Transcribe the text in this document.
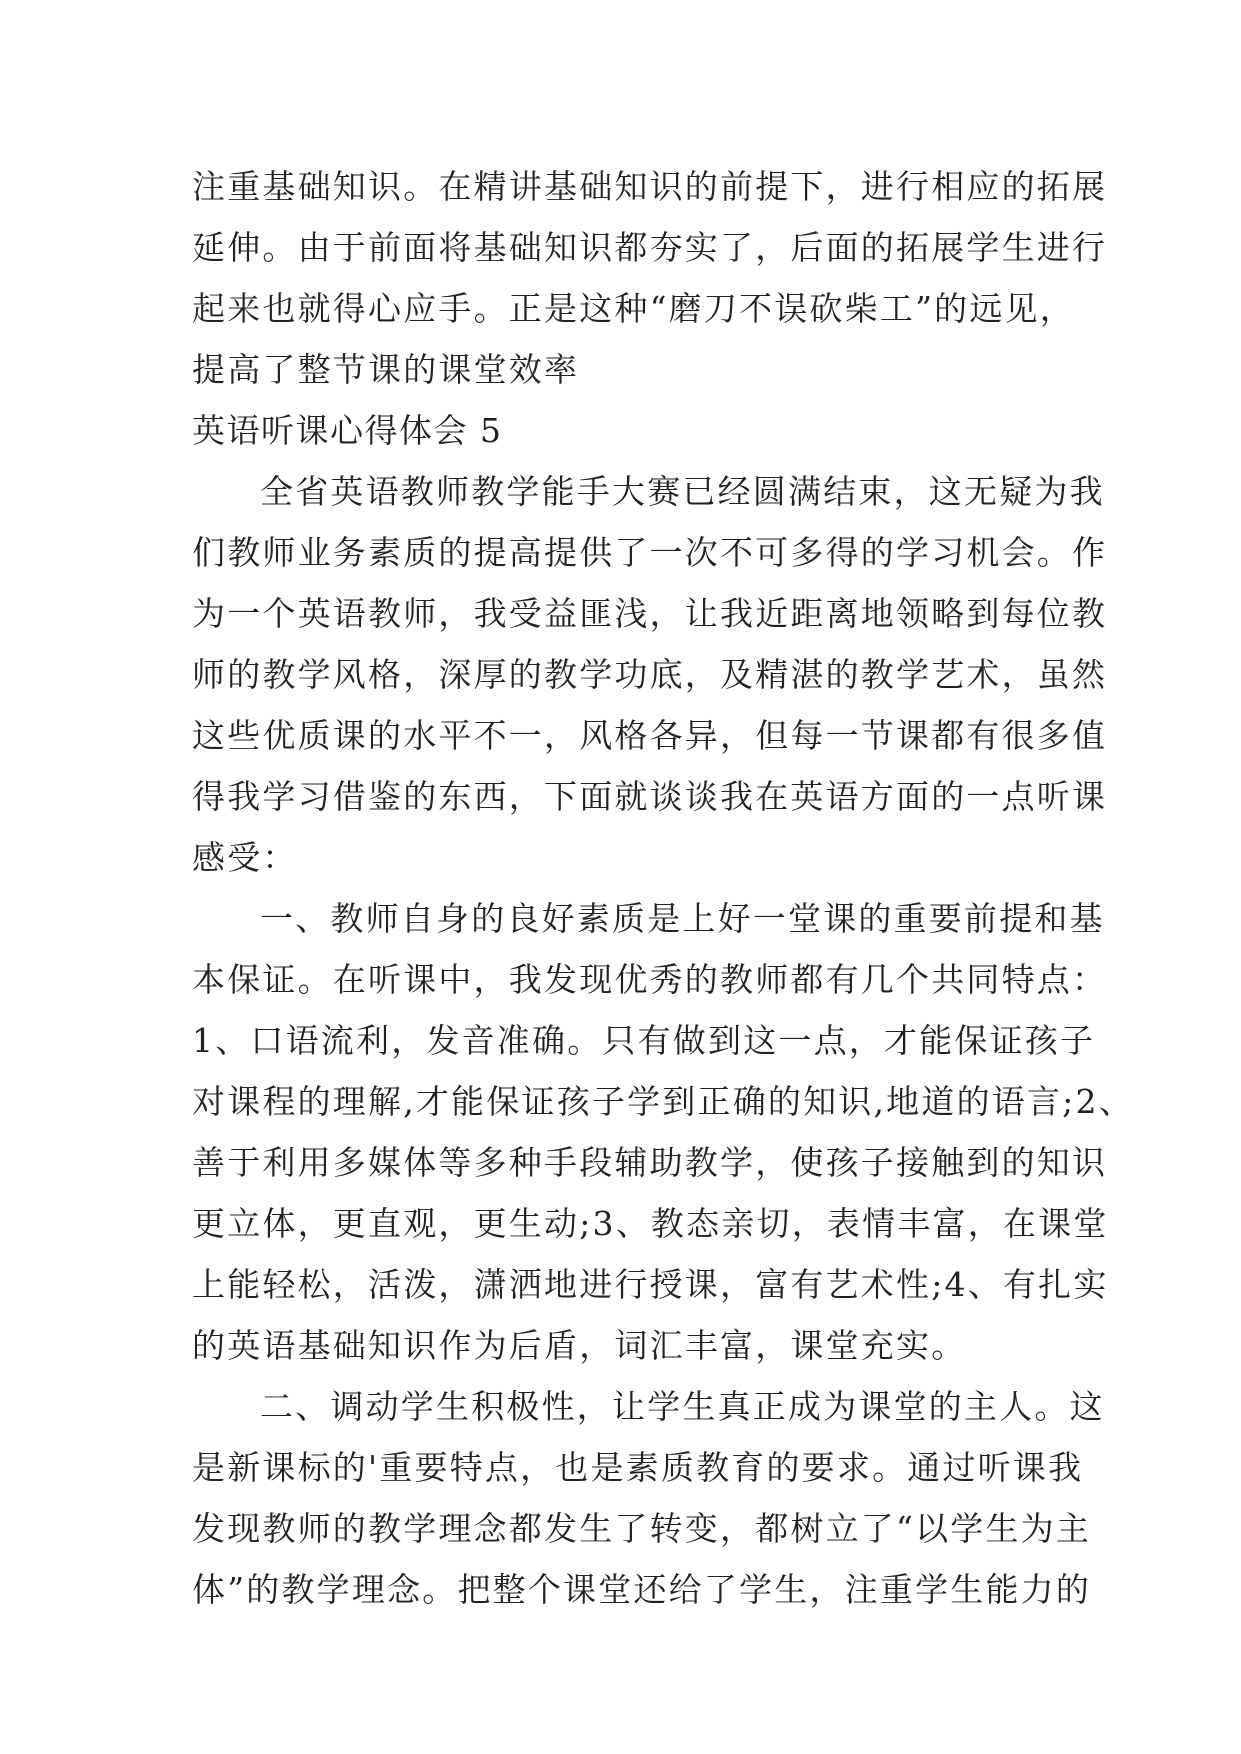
注重基础知识。在精讲基础知识的前提下，进行相应的拓展
延伸。由于前面将基础知识都夯实了，后面的拓展学生进行
起来也就得心应手。正是这种“磨刀不误砍柴工”的远见，
提高了整节课的课堂效率
英语听课心得体会 5
全省英语教师教学能手大赛已经圆满结束，这无疑为我
们教师业务素质的提高提供了一次不可多得的学习机会。作
为一个英语教师，我受益匪浅，让我近距离地领略到每位教
师的教学风格，深厚的教学功底，及精湛的教学艺术，虽然
这些优质课的水平不一，风格各异，但每一节课都有很多值
得我学习借鉴的东西，下面就谈谈我在英语方面的一点听课
感受：
一、教师自身的良好素质是上好一堂课的重要前提和基
本保证。在听课中，我发现优秀的教师都有几个共同特点：
1、口语流利，发音准确。只有做到这一点，才能保证孩子
对课程的理解,才能保证孩子学到正确的知识,地道的语言;2、
善于利用多媒体等多种手段辅助教学，使孩子接触到的知识
更立体，更直观，更生动;3、教态亲切，表情丰富，在课堂
上能轻松，活泼，潇洒地进行授课，富有艺术性;4、有扎实
的英语基础知识作为后盾，词汇丰富，课堂充实。
二、调动学生积极性，让学生真正成为课堂的主人。这
是新课标的'重要特点，也是素质教育的要求。通过听课我
发现教师的教学理念都发生了转变，都树立了“以学生为主
体”的教学理念。把整个课堂还给了学生，注重学生能力的
